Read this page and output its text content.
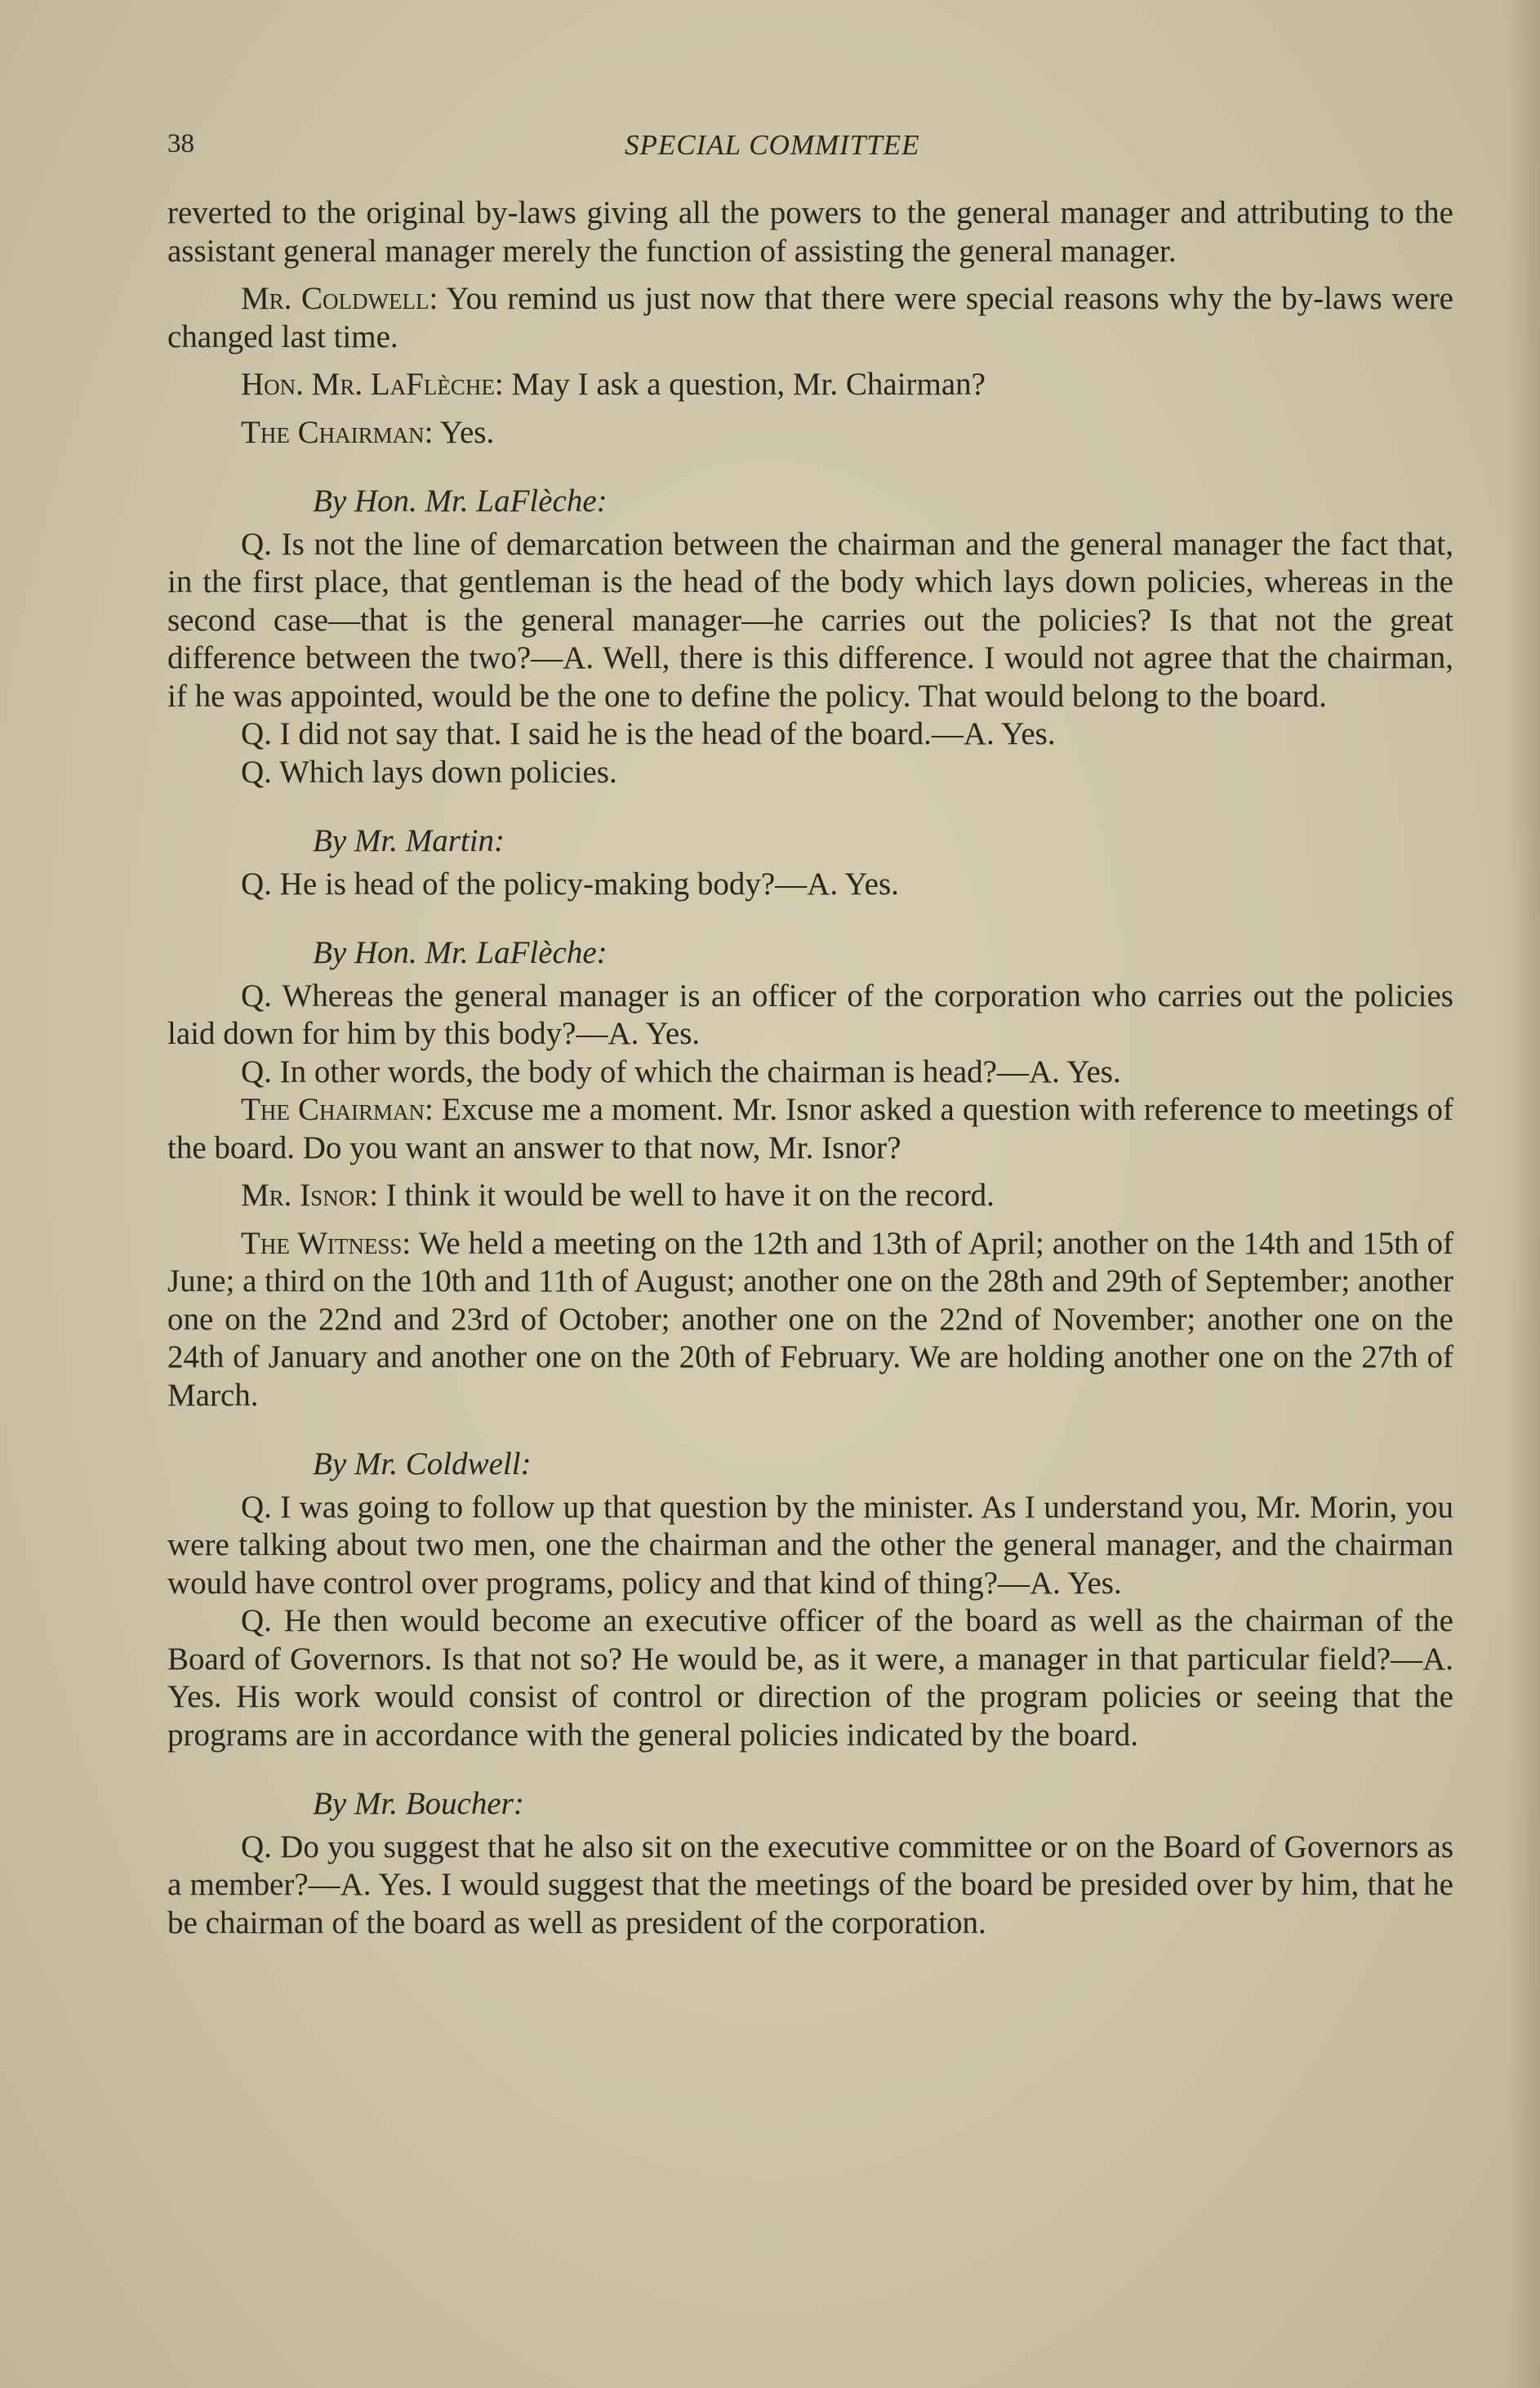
38	SPECIAL COMMITTEE

reverted to the original by-laws giving all the powers to the general manager and attributing to the assistant general manager merely the function of assisting the general manager.

Mr. Coldwell: You remind us just now that there were special reasons why the by-laws were changed last time.

Hon. Mr. LaFlèche: May I ask a question, Mr. Chairman?

The Chairman: Yes.

By Hon. Mr. LaFlèche:

Q. Is not the line of demarcation between the chairman and the general manager the fact that, in the first place, that gentleman is the head of the body which lays down policies, whereas in the second case—that is the general manager—he carries out the policies? Is that not the great difference between the two?—A. Well, there is this difference. I would not agree that the chairman, if he was appointed, would be the one to define the policy. That would belong to the board.

Q. I did not say that. I said he is the head of the board.—A. Yes.

Q. Which lays down policies.

By Mr. Martin:

Q. He is head of the policy-making body?—A. Yes.

By Hon. Mr. LaFlèche:

Q. Whereas the general manager is an officer of the corporation who carries out the policies laid down for him by this body?—A. Yes.

Q. In other words, the body of which the chairman is head?—A. Yes.

The Chairman: Excuse me a moment. Mr. Isnor asked a question with reference to meetings of the board. Do you want an answer to that now, Mr. Isnor?

Mr. Isnor: I think it would be well to have it on the record.

The Witness: We held a meeting on the 12th and 13th of April; another on the 14th and 15th of June; a third on the 10th and 11th of August; another one on the 28th and 29th of September; another one on the 22nd and 23rd of October; another one on the 22nd of November; another one on the 24th of January and another one on the 20th of February. We are holding another one on the 27th of March.

By Mr. Coldwell:

Q. I was going to follow up that question by the minister. As I understand you, Mr. Morin, you were talking about two men, one the chairman and the other the general manager, and the chairman would have control over programs, policy and that kind of thing?—A. Yes.

Q. He then would become an executive officer of the board as well as the chairman of the Board of Governors. Is that not so? He would be, as it were, a manager in that particular field?—A. Yes. His work would consist of control or direction of the program policies or seeing that the programs are in accordance with the general policies indicated by the board.

By Mr. Boucher:

Q. Do you suggest that he also sit on the executive committee or on the Board of Governors as a member?—A. Yes. I would suggest that the meetings of the board be presided over by him, that he be chairman of the board as well as president of the corporation.
